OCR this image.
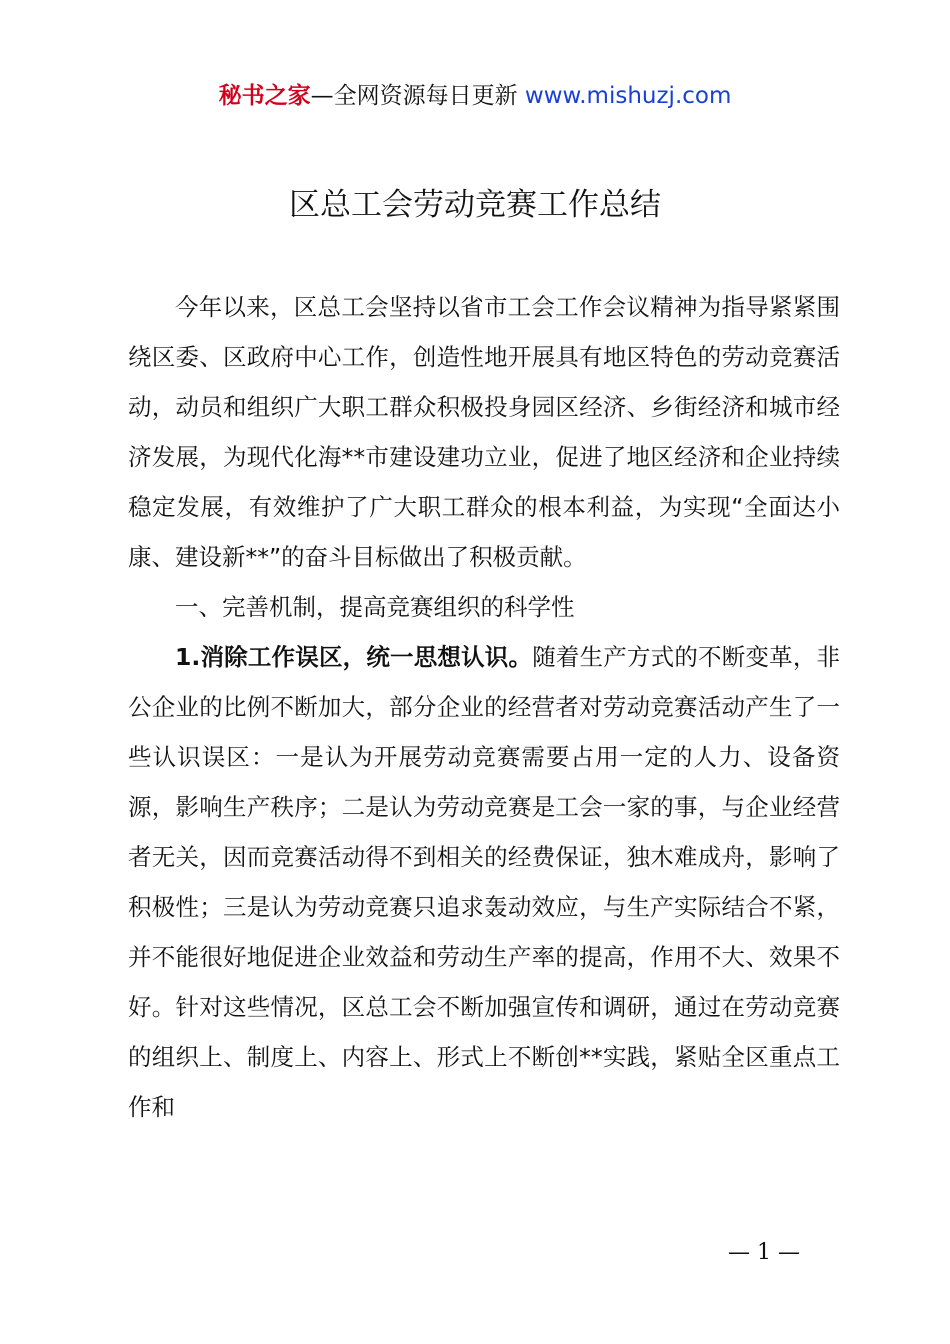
秘书之家—全网资源每日更新 www.mishuzj.com
区总工会劳动竞赛工作总结

今年以来，区总工会坚持以省市工会工作会议精神为指导紧紧围绕区委、区政府中心工作，创造性地开展具有地区特色的劳动竞赛活动，动员和组织广大职工群众积极投身园区经济、乡街经济和城市经济发展，为现代化海**市建设建功立业，促进了地区经济和企业持续稳定发展，有效维护了广大职工群众的根本利益，为实现“全面达小康、建设新**”的奋斗目标做出了积极贡献。

一、完善机制，提高竞赛组织的科学性

1.消除工作误区，统一思想认识。随着生产方式的不断变革，非公企业的比例不断加大，部分企业的经营者对劳动竞赛活动产生了一些认识误区：一是认为开展劳动竞赛需要占用一定的人力、设备资源，影响生产秩序；二是认为劳动竞赛是工会一家的事，与企业经营者无关，因而竞赛活动得不到相关的经费保证，独木难成舟，影响了积极性；三是认为劳动竞赛只追求轰动效应，与生产实际结合不紧，并不能很好地促进企业效益和劳动生产率的提高，作用不大、效果不好。针对这些情况，区总工会不断加强宣传和调研，通过在劳动竞赛的组织上、制度上、内容上、形式上不断创**实践，紧贴全区重点工作和

— 1 —
